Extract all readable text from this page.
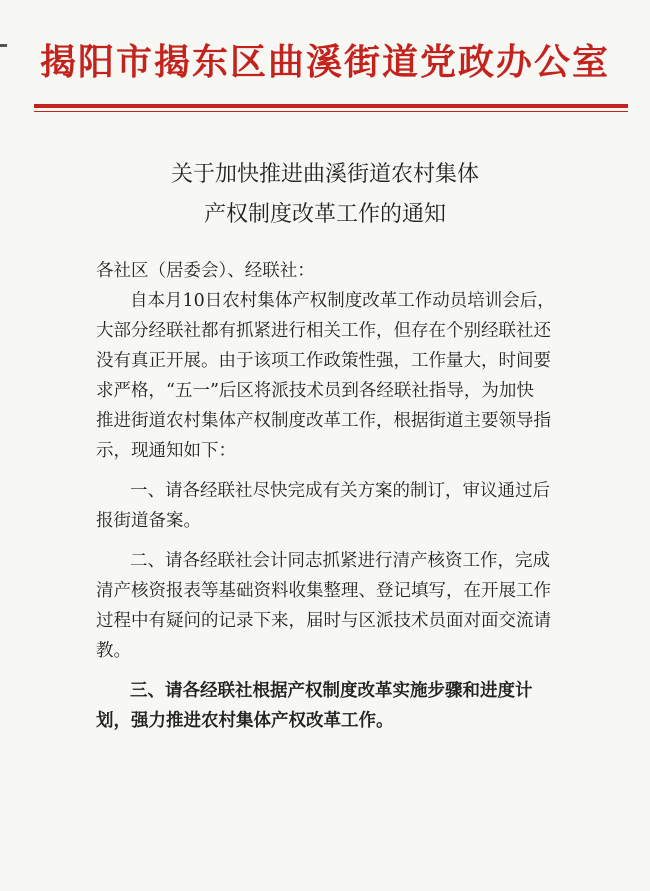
揭阳市揭东区曲溪街道党政办公室
关于加快推进曲溪街道农村集体
产权制度改革工作的通知
各社区（居委会）、经联社：
自本月10日农村集体产权制度改革工作动员培训会后，
大部分经联社都有抓紧进行相关工作，但存在个别经联社还
没有真正开展。由于该项工作政策性强，工作量大，时间要
求严格，“五一”后区将派技术员到各经联社指导，为加快
推进街道农村集体产权制度改革工作，根据街道主要领导指
示，现通知如下：
一、请各经联社尽快完成有关方案的制订，审议通过后
报街道备案。
二、请各经联社会计同志抓紧进行清产核资工作，完成
清产核资报表等基础资料收集整理、登记填写，在开展工作
过程中有疑问的记录下来，届时与区派技术员面对面交流请
教。
三、请各经联社根据产权制度改革实施步骤和进度计
划，强力推进农村集体产权改革工作。
